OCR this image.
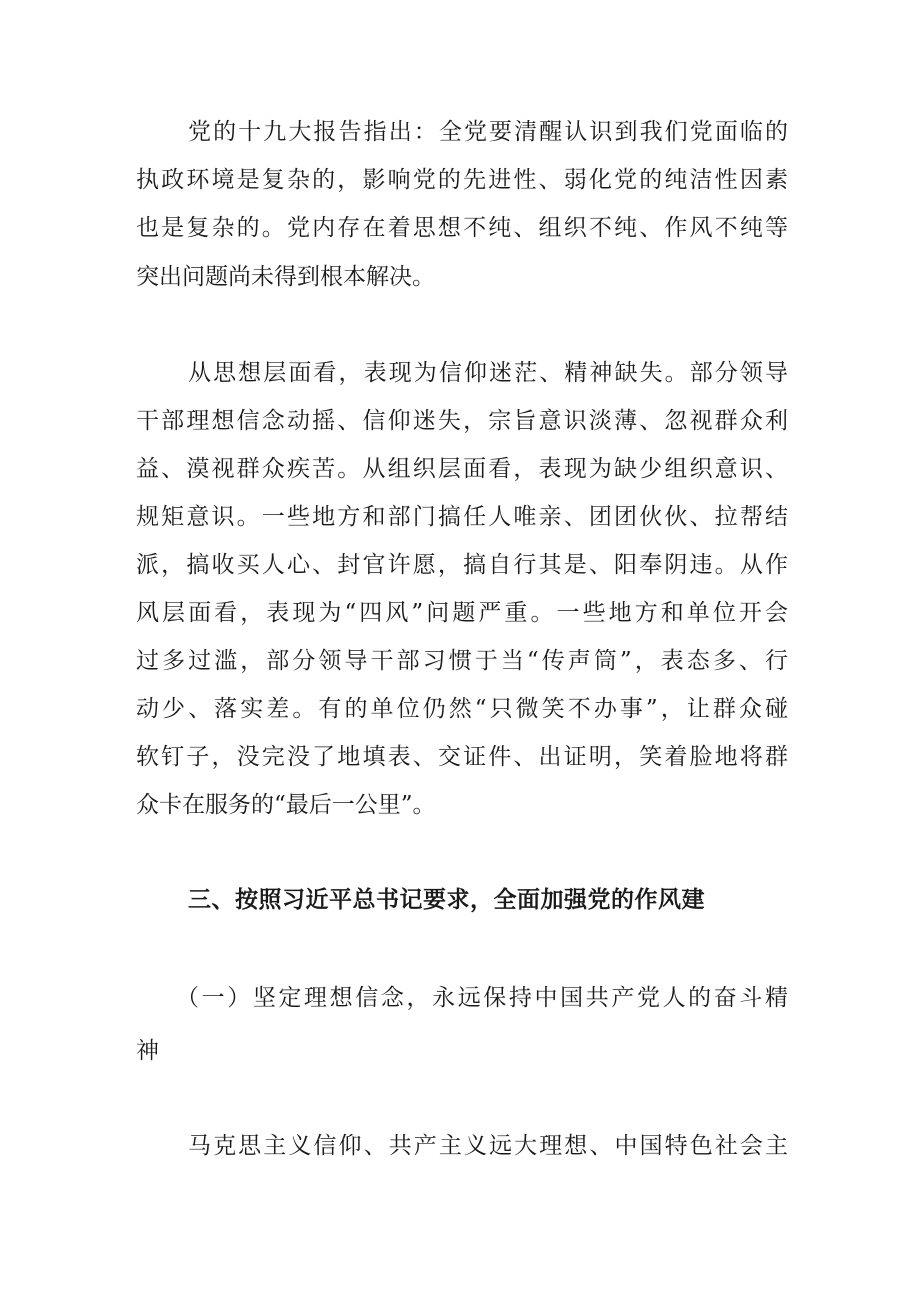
党的十九大报告指出：全党要清醒认识到我们党面临的
执政环境是复杂的，影响党的先进性、弱化党的纯洁性因素
也是复杂的。党内存在着思想不纯、组织不纯、作风不纯等
突出问题尚未得到根本解决。
从思想层面看，表现为信仰迷茫、精神缺失。部分领导
干部理想信念动摇、信仰迷失，宗旨意识淡薄、忽视群众利
益、漠视群众疾苦。从组织层面看，表现为缺少组织意识、
规矩意识。一些地方和部门搞任人唯亲、团团伙伙、拉帮结
派，搞收买人心、封官许愿，搞自行其是、阳奉阴违。从作
风层面看，表现为“四风”问题严重。一些地方和单位开会
过多过滥，部分领导干部习惯于当“传声筒”，表态多、行
动少、落实差。有的单位仍然“只微笑不办事”，让群众碰
软钉子，没完没了地填表、交证件、出证明，笑着脸地将群
众卡在服务的“最后一公里”。
三、按照习近平总书记要求，全面加强党的作风建
（一）坚定理想信念，永远保持中国共产党人的奋斗精
神
马克思主义信仰、共产主义远大理想、中国特色社会主
